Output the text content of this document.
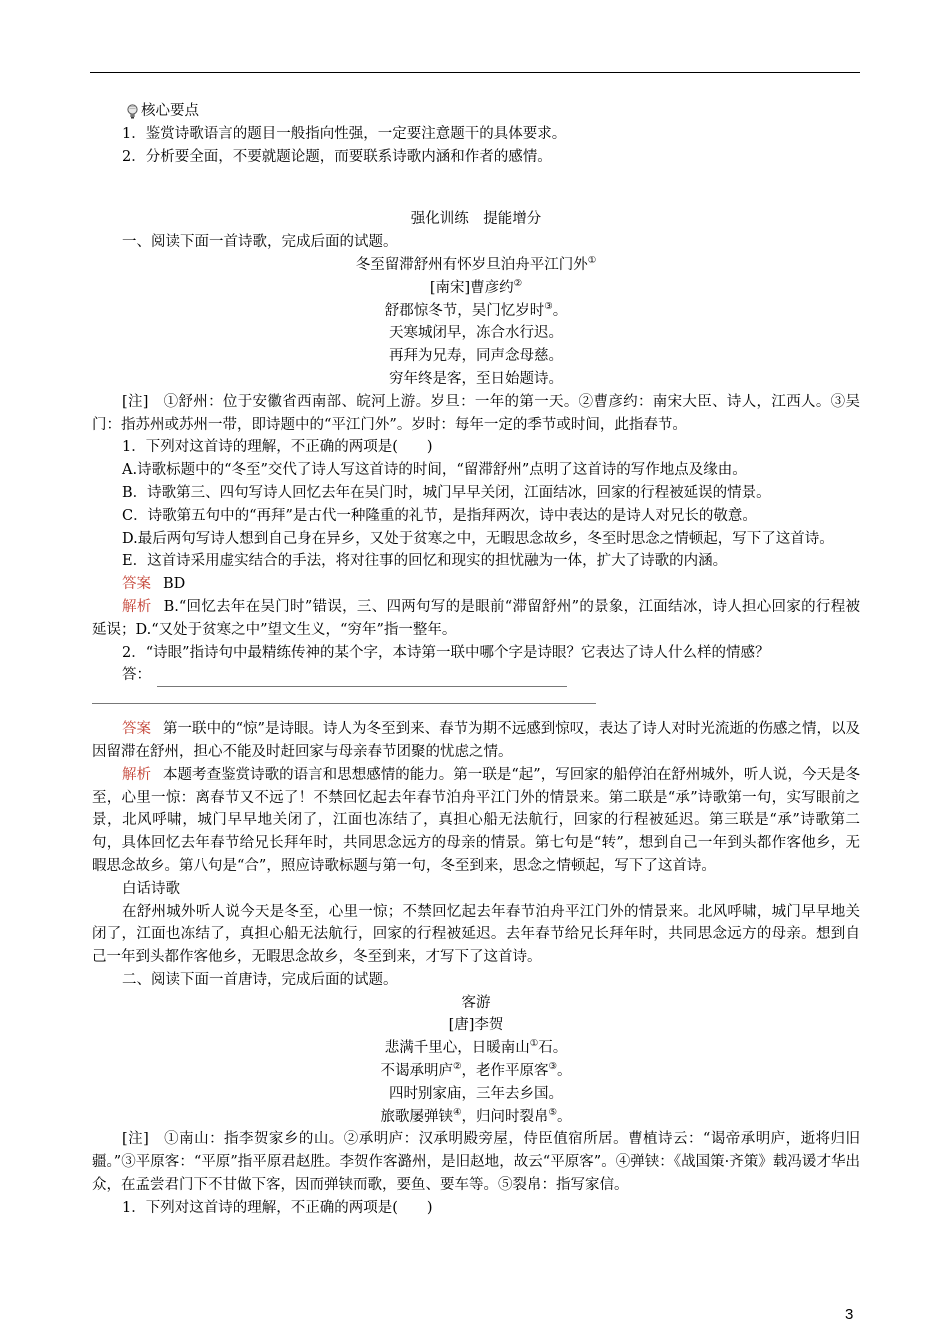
核心要点

1．鉴赏诗歌语言的题目一般指向性强，一定要注意题干的具体要求。

2．分析要全面，不要就题论题，而要联系诗歌内涵和作者的感情。

强化训练　提能增分

一、阅读下面一首诗歌，完成后面的试题。

冬至留滞舒州有怀岁旦泊舟平江门外①

[南宋]曹彦约②

舒郡惊冬节，吴门忆岁时③。

天寒城闭早，冻合水行迟。

再拜为兄寿，同声念母慈。

穷年终是客，至日始题诗。

[注]　①舒州：位于安徽省西南部、皖河上游。岁旦：一年的第一天。②曹彦约：南宋大臣、诗人，江西人。③吴门：指苏州或苏州一带，即诗题中的“平江门外”。岁时：每年一定的季节或时间，此指春节。

1．下列对这首诗的理解，不正确的两项是(　　)

A.诗歌标题中的“冬至”交代了诗人写这首诗的时间，“留滞舒州”点明了这首诗的写作地点及缘由。

B．诗歌第三、四句写诗人回忆去年在吴门时，城门早早关闭，江面结冰，回家的行程被延误的情景。

C．诗歌第五句中的“再拜”是古代一种隆重的礼节，是指拜两次，诗中表达的是诗人对兄长的敬意。

D.最后两句写诗人想到自己身在异乡，又处于贫寒之中，无暇思念故乡，冬至时思念之情顿起，写下了这首诗。

E．这首诗采用虚实结合的手法，将对往事的回忆和现实的担忧融为一体，扩大了诗歌的内涵。

答案 BD

解析 B.“回忆去年在吴门时”错误，三、四两句写的是眼前“滞留舒州”的景象，江面结冰，诗人担心回家的行程被延误；D.“又处于贫寒之中”望文生义，“穷年”指一整年。

2．“诗眼”指诗句中最精练传神的某个字，本诗第一联中哪个字是诗眼？它表达了诗人什么样的情感？

答：

答案 第一联中的“惊”是诗眼。诗人为冬至到来、春节为期不远感到惊叹，表达了诗人对时光流逝的伤感之情，以及因留滞在舒州，担心不能及时赶回家与母亲春节团聚的忧虑之情。

解析 本题考查鉴赏诗歌的语言和思想感情的能力。第一联是“起”，写回家的船停泊在舒州城外，听人说，今天是冬至，心里一惊：离春节又不远了！不禁回忆起去年春节泊舟平江门外的情景来。第二联是“承”诗歌第一句，实写眼前之景，北风呼啸，城门早早地关闭了，江面也冻结了，真担心船无法航行，回家的行程被延迟。第三联是“承”诗歌第二句，具体回忆去年春节给兄长拜年时，共同思念远方的母亲的情景。第七句是“转”，想到自己一年到头都作客他乡，无暇思念故乡。第八句是“合”，照应诗歌标题与第一句，冬至到来，思念之情顿起，写下了这首诗。

白话诗歌

在舒州城外听人说今天是冬至，心里一惊；不禁回忆起去年春节泊舟平江门外的情景来。北风呼啸，城门早早地关闭了，江面也冻结了，真担心船无法航行，回家的行程被延迟。去年春节给兄长拜年时，共同思念远方的母亲。想到自己一年到头都作客他乡，无暇思念故乡，冬至到来，才写下了这首诗。

二、阅读下面一首唐诗，完成后面的试题。

客游

[唐]李贺

悲满千里心，日暖南山①石。

不谒承明庐②，老作平原客③。

四时别家庙，三年去乡国。

旅歌屡弹铗④，归问时裂帛⑤。

[注]　①南山：指李贺家乡的山。②承明庐：汉承明殿旁屋，侍臣值宿所居。曹植诗云：“谒帝承明庐，逝将归旧疆。”③平原客：“平原”指平原君赵胜。李贺作客潞州，是旧赵地，故云“平原客”。④弹铗：《战国策·齐策》载冯谖才华出众，在孟尝君门下不甘做下客，因而弹铗而歌，要鱼、要车等。⑤裂帛：指写家信。

1．下列对这首诗的理解，不正确的两项是(　　)

3
